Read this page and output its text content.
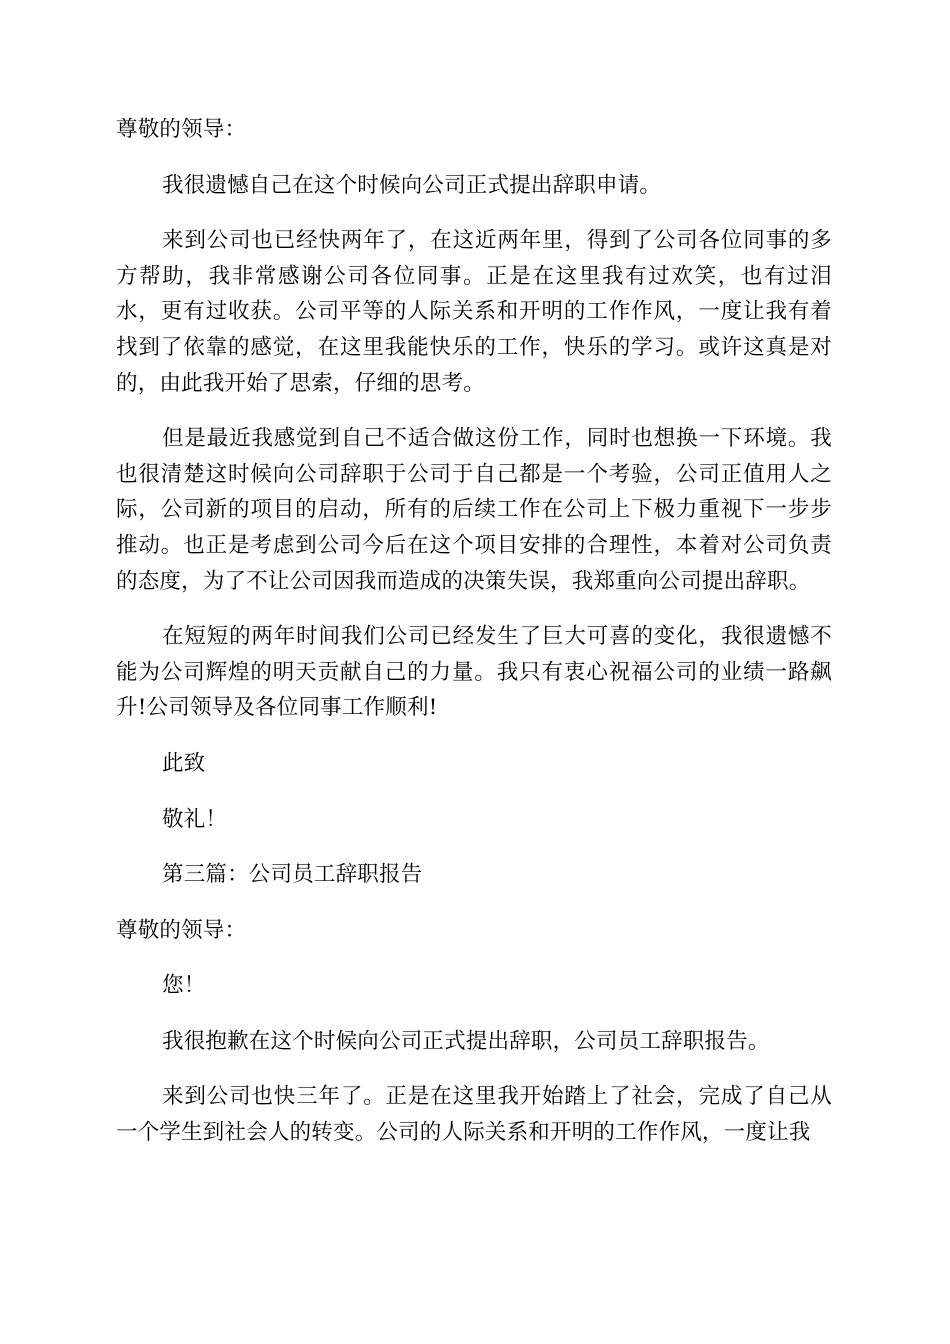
尊敬的领导：

我很遗憾自己在这个时候向公司正式提出辞职申请。

来到公司也已经快两年了，在这近两年里，得到了公司各位同事的多方帮助，我非常感谢公司各位同事。正是在这里我有过欢笑，也有过泪水，更有过收获。公司平等的人际关系和开明的工作作风，一度让我有着找到了依靠的感觉，在这里我能快乐的工作，快乐的学习。或许这真是对的，由此我开始了思索，仔细的思考。

但是最近我感觉到自己不适合做这份工作，同时也想换一下环境。我也很清楚这时候向公司辞职于公司于自己都是一个考验，公司正值用人之际，公司新的项目的启动，所有的后续工作在公司上下极力重视下一步步推动。也正是考虑到公司今后在这个项目安排的合理性，本着对公司负责的态度，为了不让公司因我而造成的决策失误，我郑重向公司提出辞职。

在短短的两年时间我们公司已经发生了巨大可喜的变化，我很遗憾不能为公司辉煌的明天贡献自己的力量。我只有衷心祝福公司的业绩一路飙升!公司领导及各位同事工作顺利!

此致

敬礼！

第三篇：公司员工辞职报告

尊敬的领导：

您！

我很抱歉在这个时候向公司正式提出辞职，公司员工辞职报告。

来到公司也快三年了。正是在这里我开始踏上了社会，完成了自己从一个学生到社会人的转变。公司的人际关系和开明的工作作风，一度让我
